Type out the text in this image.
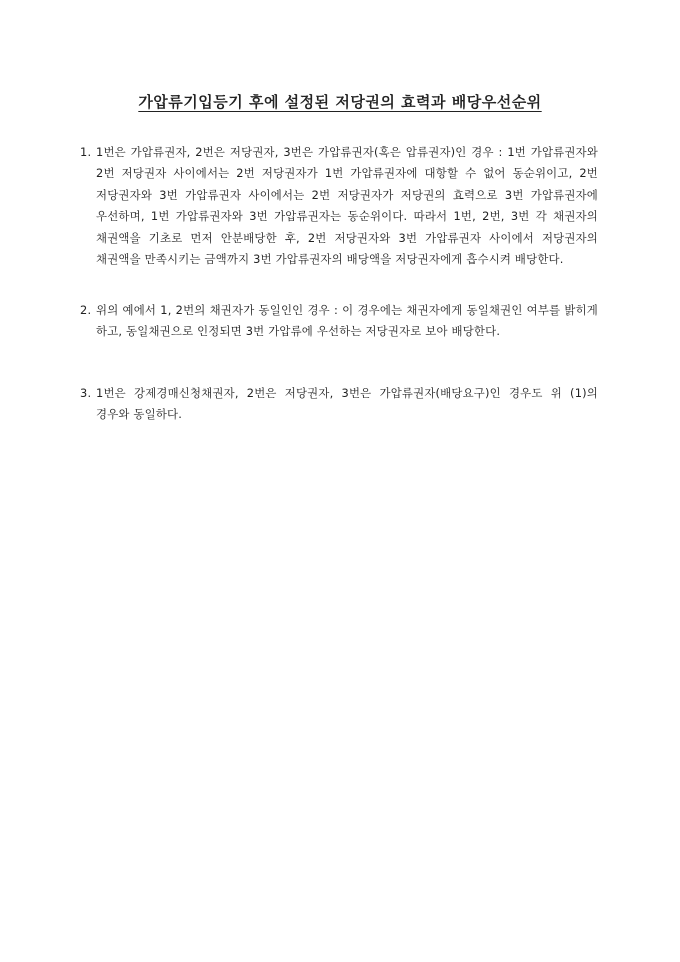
가압류기입등기 후에 설정된 저당권의 효력과 배당우선순위
1. 1번은 가압류권자, 2번은 저당권자, 3번은 가압류권자(혹은 압류권자)인 경우 : 1번 가압류권자와 2번 저당권자 사이에서는 2번 저당권자가 1번 가압류권자에 대항할 수 없어 동순위이고, 2번 저당권자와 3번 가압류권자 사이에서는 2번 저당권자가 저당권의 효력으로 3번 가압류권자에 우선하며, 1번 가압류권자와 3번 가압류권자는 동순위이다. 따라서 1번, 2번, 3번 각 채권자의 채권액을 기초로 먼저 안분배당한 후, 2번 저당권자와 3번 가압류권자 사이에서 저당권자의 채권액을 만족시키는 금액까지 3번 가압류권자의 배당액을 저당권자에게 흡수시켜 배당한다.

2. 위의 예에서 1, 2번의 채권자가 동일인인 경우 : 이 경우에는 채권자에게 동일채권인 여부를 밝히게 하고, 동일채권으로 인정되면 3번 가압류에 우선하는 저당권자로 보아 배당한다.

3. 1번은 강제경매신청채권자, 2번은 저당권자, 3번은 가압류권자(배당요구)인 경우도 위 (1)의 경우와 동일하다.
